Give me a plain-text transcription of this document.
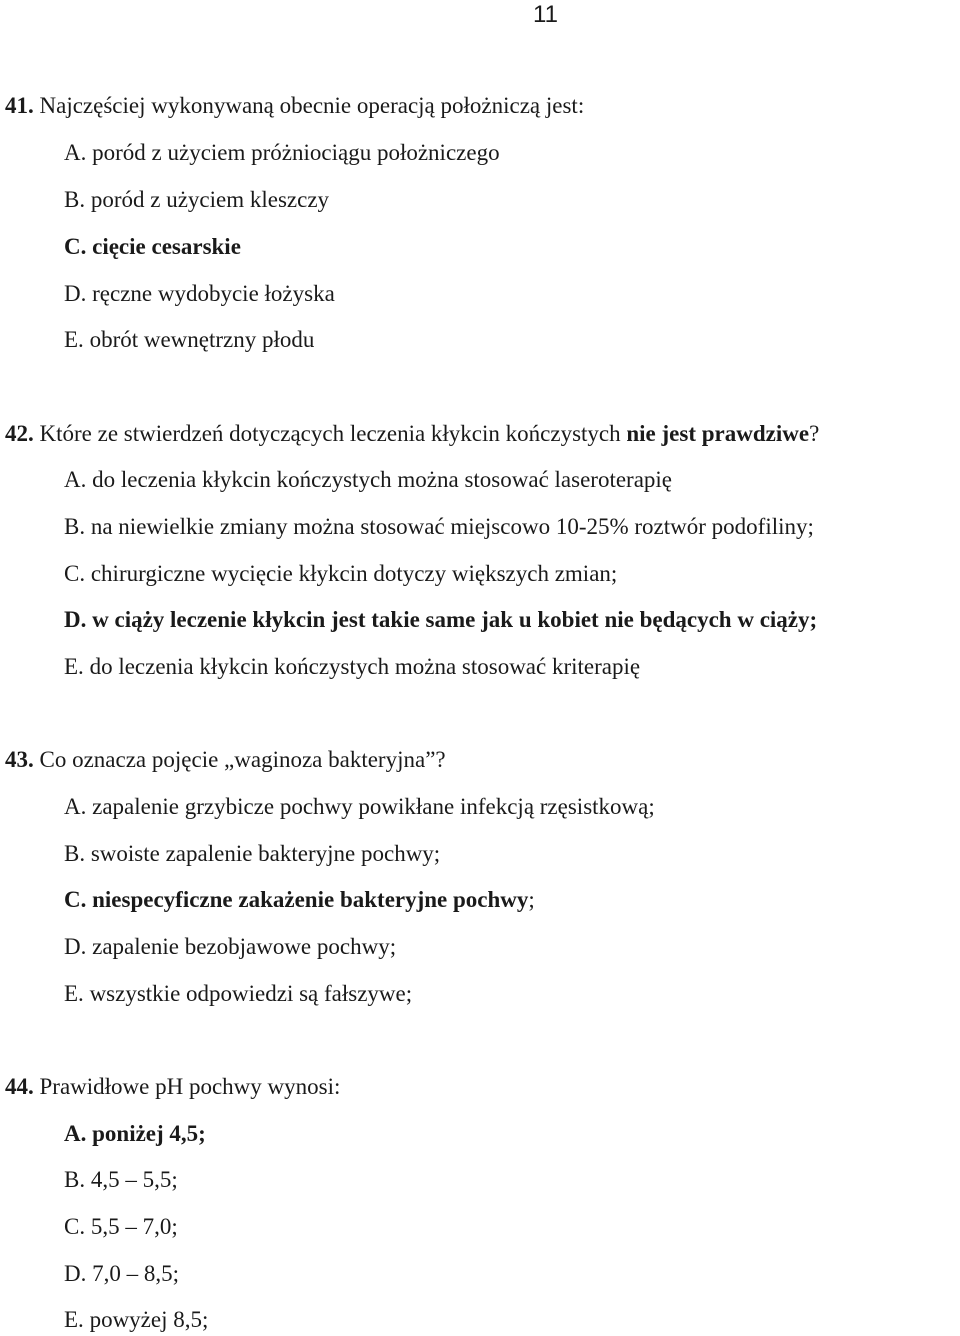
11
41. Najczęściej wykonywaną obecnie operacją położniczą jest:
A. poród z użyciem próżniociągu położniczego
B. poród z użyciem kleszczy
C. cięcie cesarskie
D. ręczne wydobycie łożyska
E. obrót wewnętrzny płodu
42. Które ze stwierdzeń dotyczących leczenia kłykcin kończystych nie jest prawdziwe?
A. do leczenia kłykcin kończystych można stosować laseroterapię
B. na niewielkie zmiany można stosować miejscowo 10-25% roztwór podofiliny;
C. chirurgiczne wycięcie kłykcin dotyczy większych zmian;
D. w ciąży leczenie kłykcin jest takie same jak u kobiet nie będących w ciąży;
E. do leczenia kłykcin kończystych można stosować kriterapię
43. Co oznacza pojęcie „waginoza bakteryjna”?
A. zapalenie grzybicze pochwy powikłane infekcją rzęsistkową;
B. swoiste zapalenie bakteryjne pochwy;
C. niespecyficzne zakażenie bakteryjne pochwy;
D. zapalenie bezobjawowe pochwy;
E. wszystkie odpowiedzi są fałszywe;
44. Prawidłowe pH pochwy wynosi:
A. poniżej 4,5;
B. 4,5 – 5,5;
C. 5,5 – 7,0;
D. 7,0 – 8,5;
E. powyżej 8,5;
